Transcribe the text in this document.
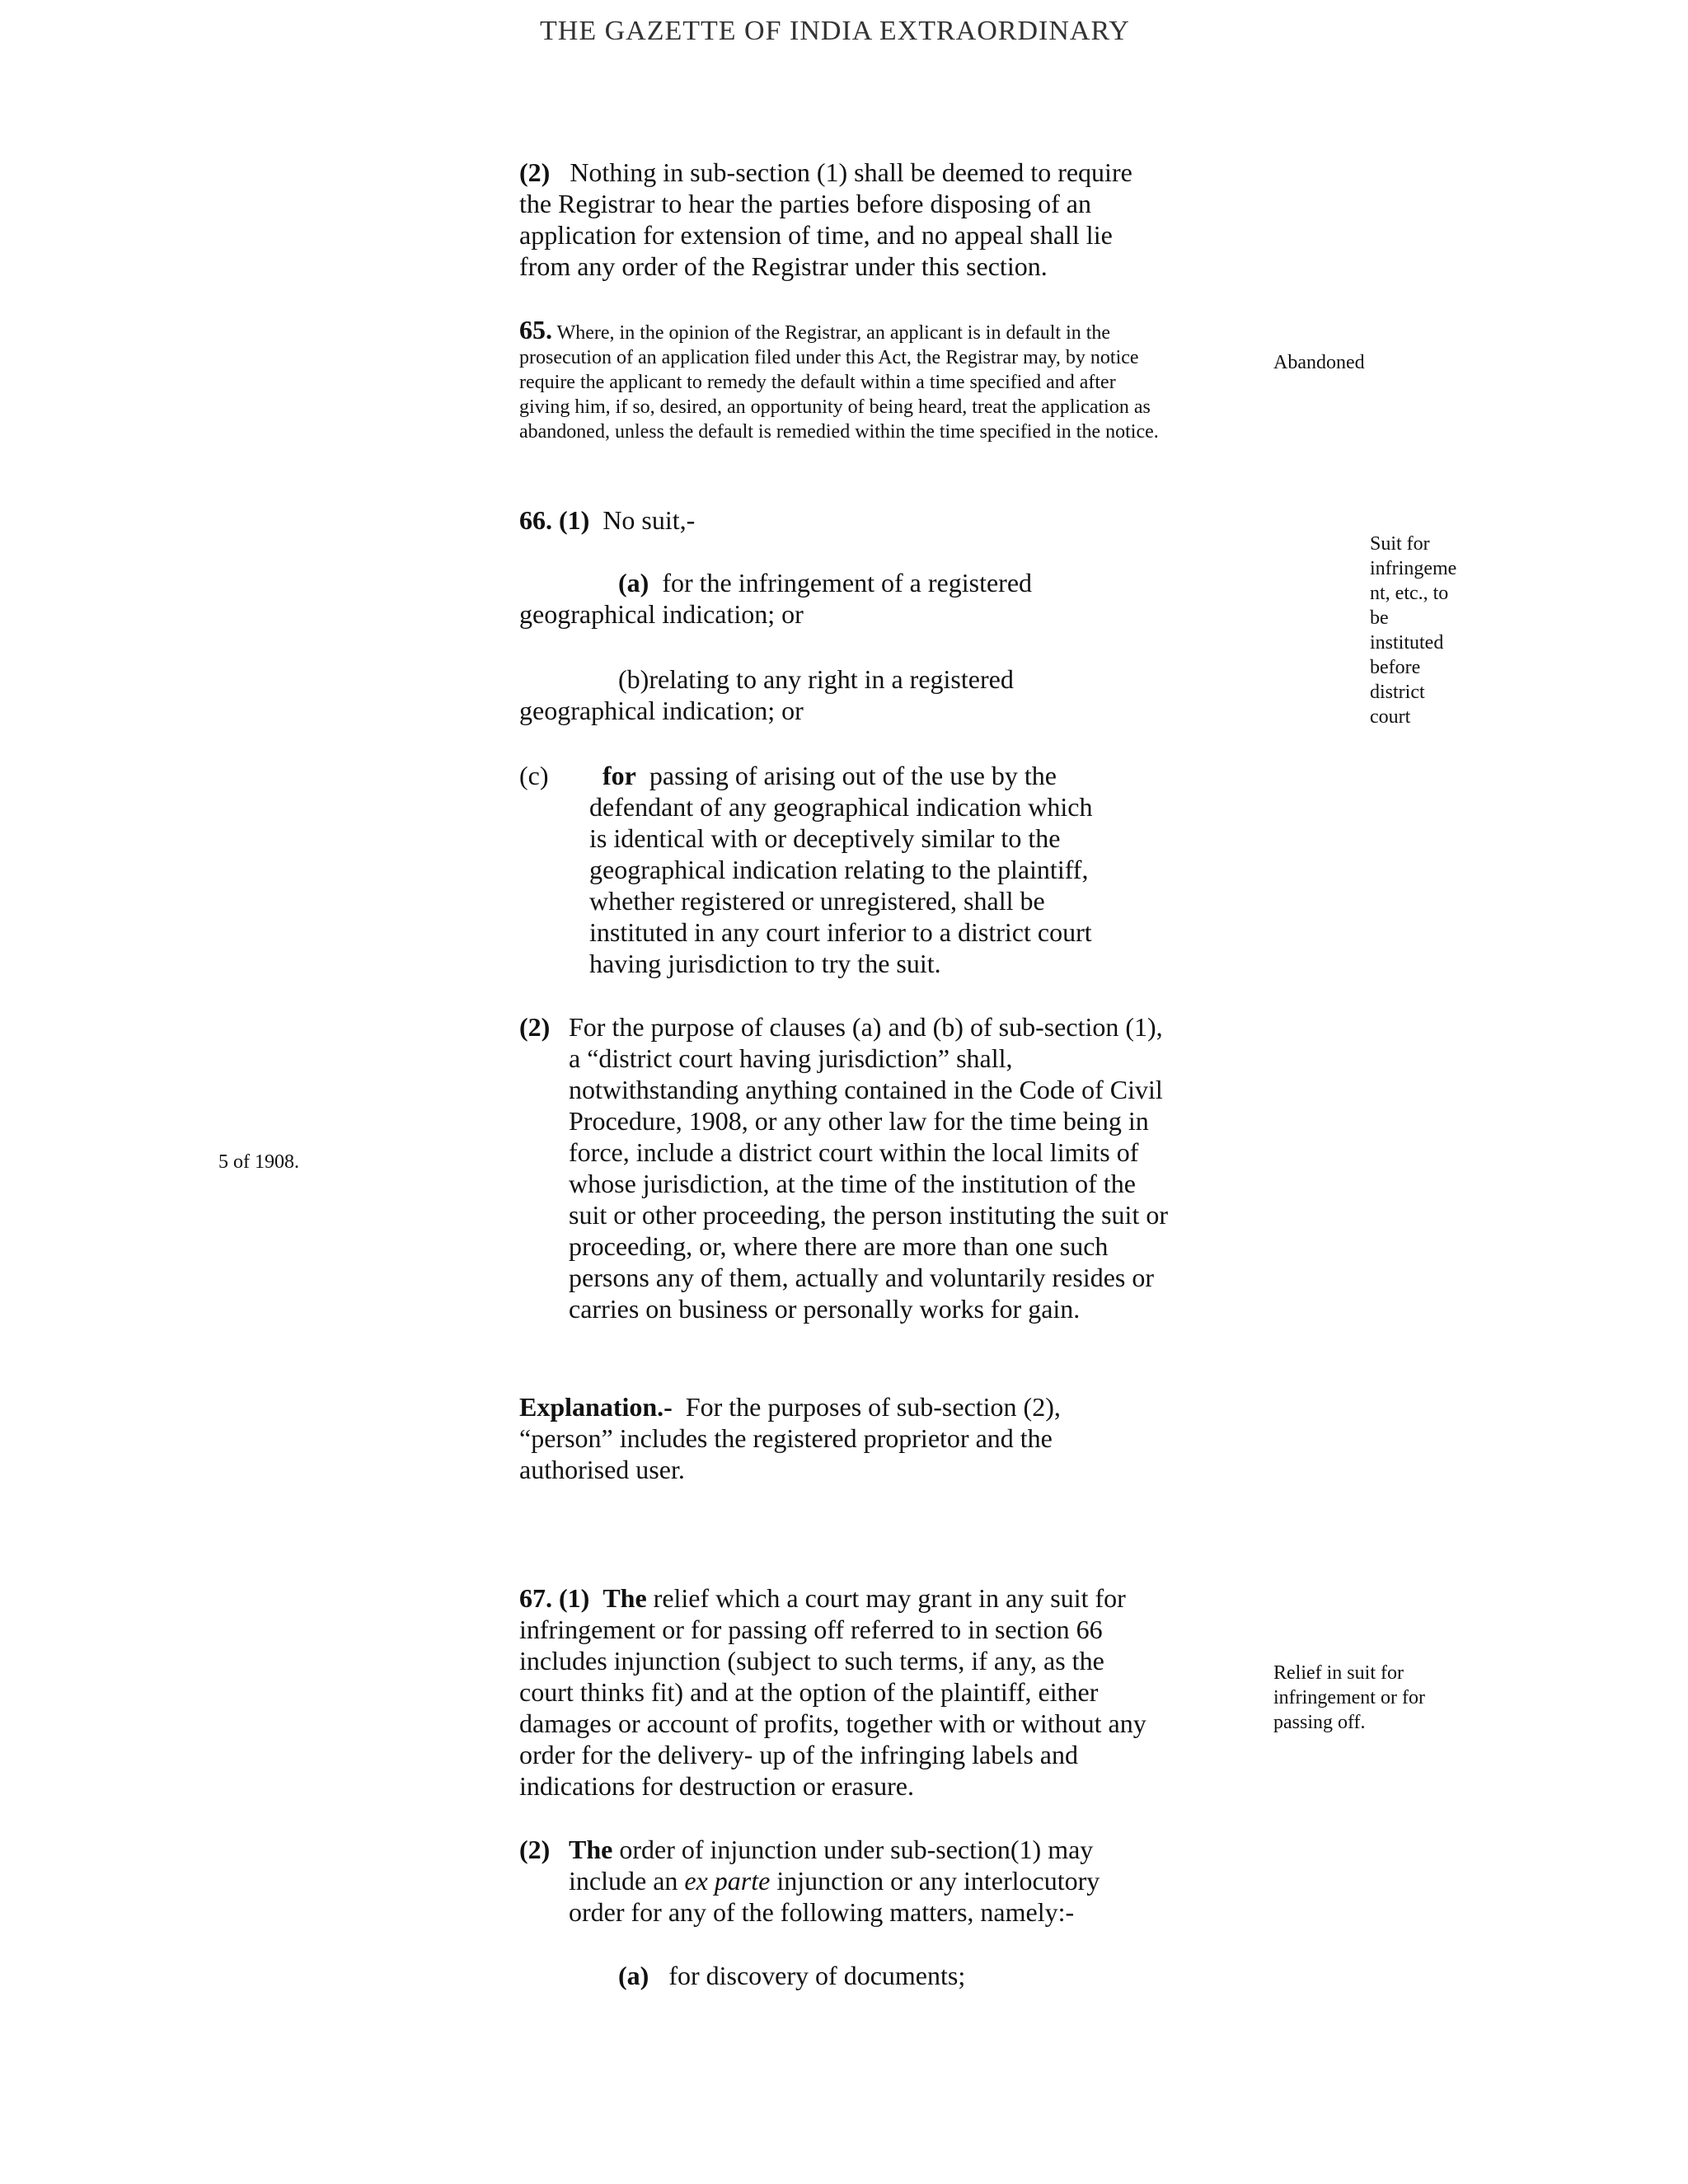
THE GAZETTE OF INDIA EXTRAORDINARY

(2) Nothing in sub-section (1) shall be deemed to require the Registrar to hear the parties before disposing of an application for extension of time, and no appeal shall lie from any order of the Registrar under this section.

65. Where, in the opinion of the Registrar, an applicant is in default in the prosecution of an application filed under this Act, the Registrar may, by notice require the applicant to remedy the default within a time specified and after giving him, if so, desired, an opportunity of being heard, treat the application as abandoned, unless the default is remedied within the time specified in the notice.

Abandoned

66. (1) No suit,-

(a) for the infringement of a registered
geographical indication; or
(b)relating to any right in a registered
geographical indication; or
(c)	for passing of arising out of the use by the defendant of any geographical indication which is identical with or deceptively similar to the geographical indication relating to the plaintiff, whether registered or unregistered, shall be instituted in any court inferior to a district court having jurisdiction to try the suit.
(2) For the purpose of clauses (a) and (b) of sub-section (1), a “district court having jurisdiction” shall, notwithstanding anything contained in the Code of Civil Procedure, 1908, or any other law for the time being in force, include a district court within the local limits of whose jurisdiction, at the time of the institution of the suit or other proceeding, the person instituting the suit or proceeding, or, where there are more than one such persons any of them, actually and voluntarily resides or carries on business or personally works for gain.
5 of 1908.
Suit for infringeme nt, etc., to be instituted before district court

Explanation.- For the purposes of sub-section (2), “person” includes the registered proprietor and the authorised user.

67. (1) The relief which a court may grant in any suit for infringement or for passing off referred to in section 66 includes injunction (subject to such terms, if any, as the court thinks fit) and at the option of the plaintiff, either damages or account of profits, together with or without any order for the delivery- up of the infringing labels and indications for destruction or erasure.

Relief in suit for infringement or for passing off.
(2) The order of injunction under sub-section(1) may include an ex parte injunction or any interlocutory order for any of the following matters, namely:-
(a) for discovery of documents;
